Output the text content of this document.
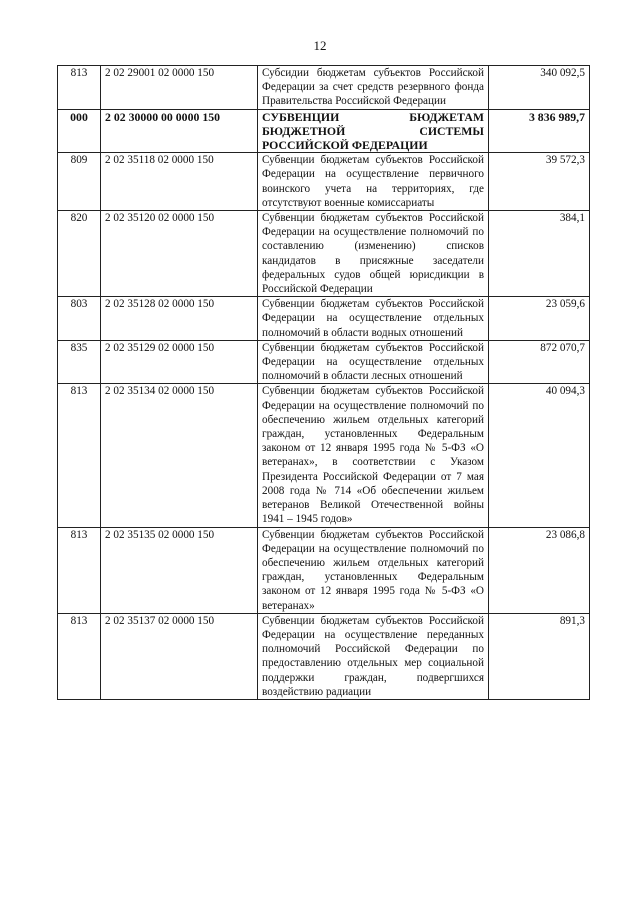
12
813	2 02 29001 02 0000 150	Субсидии бюджетам субъектов Российской Федерации за счет средств резервного фонда Правительства Российской Федерации	340 092,5
000	2 02 30000 00 0000 150	СУБВЕНЦИИ БЮДЖЕТАМ БЮДЖЕТНОЙ СИСТЕМЫ РОССИЙСКОЙ ФЕДЕРАЦИИ	3 836 989,7
809	2 02 35118 02 0000 150	Субвенции бюджетам субъектов Российской Федерации на осуществление первичного воинского учета на территориях, где отсутствуют военные комиссариаты	39 572,3
820	2 02 35120 02 0000 150	Субвенции бюджетам субъектов Российской Федерации на осуществление полномочий по составлению (изменению) списков кандидатов в присяжные заседатели федеральных судов общей юрисдикции в Российской Федерации	384,1
803	2 02 35128 02 0000 150	Субвенции бюджетам субъектов Российской Федерации на осуществление отдельных полномочий в области водных отношений	23 059,6
835	2 02 35129 02 0000 150	Субвенции бюджетам субъектов Российской Федерации на осуществление отдельных полномочий в области лесных отношений	872 070,7
813	2 02 35134 02 0000 150	Субвенции бюджетам субъектов Российской Федерации на осуществление полномочий по обеспечению жильем отдельных категорий граждан, установленных Федеральным законом от 12 января 1995 года № 5-ФЗ «О ветеранах», в соответствии с Указом Президента Российской Федерации от 7 мая 2008 года № 714 «Об обеспечении жильем ветеранов Великой Отечественной войны 1941 – 1945 годов»	40 094,3
813	2 02 35135 02 0000 150	Субвенции бюджетам субъектов Российской Федерации на осуществление полномочий по обеспечению жильем отдельных категорий граждан, установленных Федеральным законом от 12 января 1995 года № 5-ФЗ «О ветеранах»	23 086,8
813	2 02 35137 02 0000 150	Субвенции бюджетам субъектов Российской Федерации на осуществление переданных полномочий Российской Федерации по предоставлению отдельных мер социальной поддержки граждан, подвергшихся воздействию радиации	891,3
